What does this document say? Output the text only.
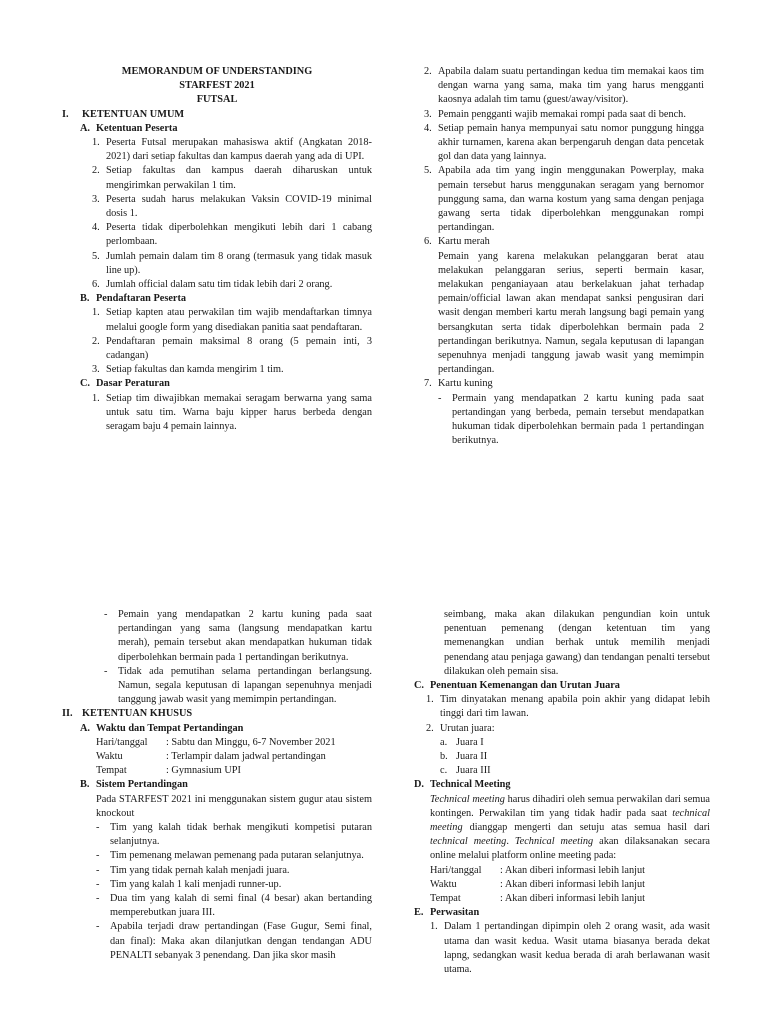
MEMORANDUM OF UNDERSTANDING

STARFEST 2021

FUTSAL

I.	KETENTUAN UMUM
A. Ketentuan Peserta
1. Peserta Futsal merupakan mahasiswa aktif (Angkatan 2018-2021) dari setiap fakultas dan kampus daerah yang ada di UPI.
2. Setiap fakultas dan kampus daerah diharuskan untuk mengirimkan perwakilan 1 tim.
3. Peserta sudah harus melakukan Vaksin COVID-19 minimal dosis 1.
4. Peserta tidak diperbolehkan mengikuti lebih dari 1 cabang perlombaan.
5. Jumlah pemain dalam tim 8 orang (termasuk yang tidak masuk line up).
6. Jumlah official dalam satu tim tidak lebih dari 2 orang.
B. Pendaftaran Peserta
1. Setiap kapten atau perwakilan tim wajib mendaftarkan timnya melalui google form yang disediakan panitia saat pendaftaran.
2. Pendaftaran pemain maksimal 8 orang (5 pemain inti, 3 cadangan)
3. Setiap fakultas dan kamda mengirim 1 tim.
C. Dasar Peraturan
1. Setiap tim diwajibkan memakai seragam berwarna yang sama untuk satu tim. Warna baju kipper harus berbeda dengan seragam baju 4 pemain lainnya.
2. Apabila dalam suatu pertandingan kedua tim memakai kaos tim dengan warna yang sama, maka tim yang harus mengganti kaosnya adalah tim tamu (guest/away/visitor).
3. Pemain pengganti wajib memakai rompi pada saat di bench.
4. Setiap pemain hanya mempunyai satu nomor punggung hingga akhir turnamen, karena akan berpengaruh dengan data pencetak gol dan data yang lainnya.
5. Apabila ada tim yang ingin menggunakan Powerplay, maka pemain tersebut harus menggunakan seragam yang bernomor punggung sama, dan warna kostum yang sama dengan penjaga gawang serta tidak diperbolehkan menggunakan rompi pertandingan.
6. Kartu merah

Pemain yang karena melakukan pelanggaran berat atau melakukan pelanggaran serius, seperti bermain kasar, melakukan penganiayaan atau berkelakuan jahat terhadap pemain/official lawan akan mendapat sanksi pengusiran dari wasit dengan memberi kartu merah langsung bagi pemain yang bersangkutan serta tidak diperbolehkan bermain pada 2 pertandingan berikutnya. Namun, segala keputusan di lapangan sepenuhnya menjadi tanggung jawab wasit yang memimpin pertandingan.

7. Kartu kuning
-	Permain yang mendapatkan 2 kartu kuning pada saat pertandingan yang berbeda, pemain tersebut mendapatkan hukuman tidak diperbolehkan bermain pada 1 pertandingan berikutnya.
-	Pemain yang mendapatkan 2 kartu kuning pada saat pertandingan yang sama (langsung mendapatkan kartu merah), pemain tersebut akan mendapatkan hukuman tidak diperbolehkan bermain pada 1 pertandingan berikutnya.
-	Tidak ada pemutihan selama pertandingan berlangsung. Namun, segala keputusan di lapangan sepenuhnya menjadi tanggung jawab wasit yang memimpin pertandingan.
II. KETENTUAN KHUSUS
A. Waktu dan Tempat Pertandingan
Hari/tanggal	: Sabtu dan Minggu, 6-7 November 2021
Waktu	: Terlampir dalam jadwal pertandingan
Tempat	: Gymnasium UPI
B. Sistem Pertandingan

Pada STARFEST 2021 ini menggunakan sistem gugur atau sistem knockout

-	Tim yang kalah tidak berhak mengikuti kompetisi putaran selanjutnya.
-	Tim pemenang melawan pemenang pada putaran selanjutnya.
-	Tim yang tidak pernah kalah menjadi juara.
-	Tim yang kalah 1 kali menjadi runner-up.
-	Dua tim yang kalah di semi final (4 besar) akan bertanding memperebutkan juara III.
-	Apabila terjadi draw pertandingan (Fase Gugur, Semi final, dan final): Maka akan dilanjutkan dengan tendangan ADU PENALTI sebanyak 3 penendang. Dan jika skor masih

seimbang, maka akan dilakukan pengundian koin untuk penentuan pemenang (dengan ketentuan tim yang memenangkan undian berhak untuk memilih menjadi penendang atau penjaga gawang) dan tendangan penalti tersebut dilakukan oleh pemain sisa.

C. Penentuan Kemenangan dan Urutan Juara
1. Tim dinyatakan menang apabila poin akhir yang didapat lebih tinggi dari tim lawan.
2. Urutan juara:
a. Juara I
b. Juara II
c. Juara III
D. Technical Meeting

Technical meeting harus dihadiri oleh semua perwakilan dari semua kontingen. Perwakilan tim yang tidak hadir pada saat technical meeting dianggap mengerti dan setuju atas semua hasil dari technical meeting. Technical meeting akan dilaksanakan secara online melalui platform online meeting pada:

Hari/tanggal	: Akan diberi informasi lebih lanjut
Waktu	: Akan diberi informasi lebih lanjut
Tempat	: Akan diberi informasi lebih lanjut
E. Perwasitan
1. Dalam 1 pertandingan dipimpin oleh 2 orang wasit, ada wasit utama dan wasit kedua. Wasit utama biasanya berada dekat lapng, sedangkan wasit kedua berada di arah berlawanan wasit utama.
